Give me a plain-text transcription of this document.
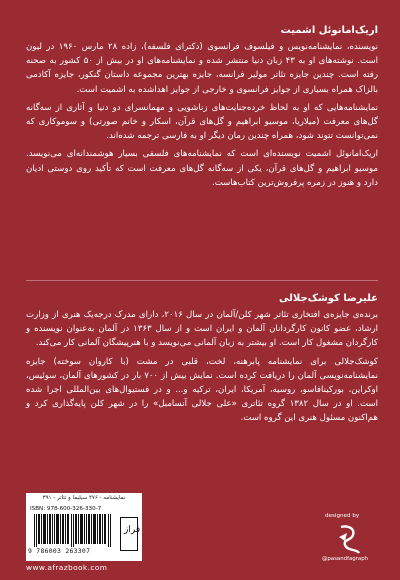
اریک‌امانوئل اشمیت

نویسنده، نمایشنامه‌نویس و فیلسوف فرانسوی (دکترای فلسفه)، زاده ۲۸ مارس ۱۹۶۰ در لیون است. نوشته‌های او به ۴۳ زبان دنیا منتشر شده و نمایشنامه‌های او در بیش از ۵۰ کشور به صحنه رفته است. چندین جایزه تئاتر مولیر فرانسه، جایزه بهترین مجموعه داستان گنکور، جایزه آکادمی بالزاک همراه بسیاری از جوایز فرانسوی و خارجی از جوایز اهداشده به اشمیت است.

نمایشنامه‌هایی که او به لحاظ خرده‌جنایت‌های زناشویی و مهمانسرای دو دنیا و آثاری از سه‌گانه گل‌های معرفت (میلاریا، موسیو ابراهیم و گل‌های قرآن، اسکار و خانم صورتی) و سوموکاری که نمی‌توانست تتوند شود، همراه چندین رمان دیگر او به فارسی ترجمه شده‌اند.

اریک‌امانوئل اشمیت نویسنده‌ای است که نمایشنامه‌های فلسفی بسیار هوشمندانه‌ای می‌نویسد. موسیو ابراهیم و گل‌های قرآن، یکی از سه‌گانه گل‌های معرفت است که تأکید روی دوستی ادیان دارد و هنوز در زمره پرفروش‌ترین کتاب‌هاست.

علیرضا کوشک‌جلالی

برنده‌ی جایزه‌ی افتخاری تئاتر شهر کلن/آلمان در سال ۲۰۱۶، دارای مدرک درجه‌یک هنری از وزارت ارشاد، عضو کانون کارگردانان آلمان و ایران است و از سال ۱۳۶۳ در آلمان به‌عنوان نویسنده و کارگردان مشغول کار است. او بیشتر به زبان آلمانی می‌نویسد و با هنرپیشگان آلمانی کار می‌کند.

کوشک‌جلالی برای نمایشنامه پابرهنه، لخت، قلبی در مشت (با کاروان سوخته) جایزه نمایشنامه‌نویسی آلمان را دریافت کرده است. نمایش بیش از ۷۰۰ بار در کشورهای آلمان، سوئیس، اوکراین، بورکینافاسو، روسیه، آمریکا، ایران، ترکیه و... و در فستیوال‌های بین‌المللی اجرا شده است. او در سال ۱۳۸۲ گروه تئاتری «علی جلالی آنسامبل» را در شهر کلن پایه‌گذاری کرد و هم‌اکنون مسئول هنری این گروه است.

نمایشنامه - ۴۷۶ سیلیما و تئاتر - ۳۹۱
ISBN: 978-600-326-330-7
9 786003 263307
فراز
www.afrazbook.com
designed by
@pasandfagraph
